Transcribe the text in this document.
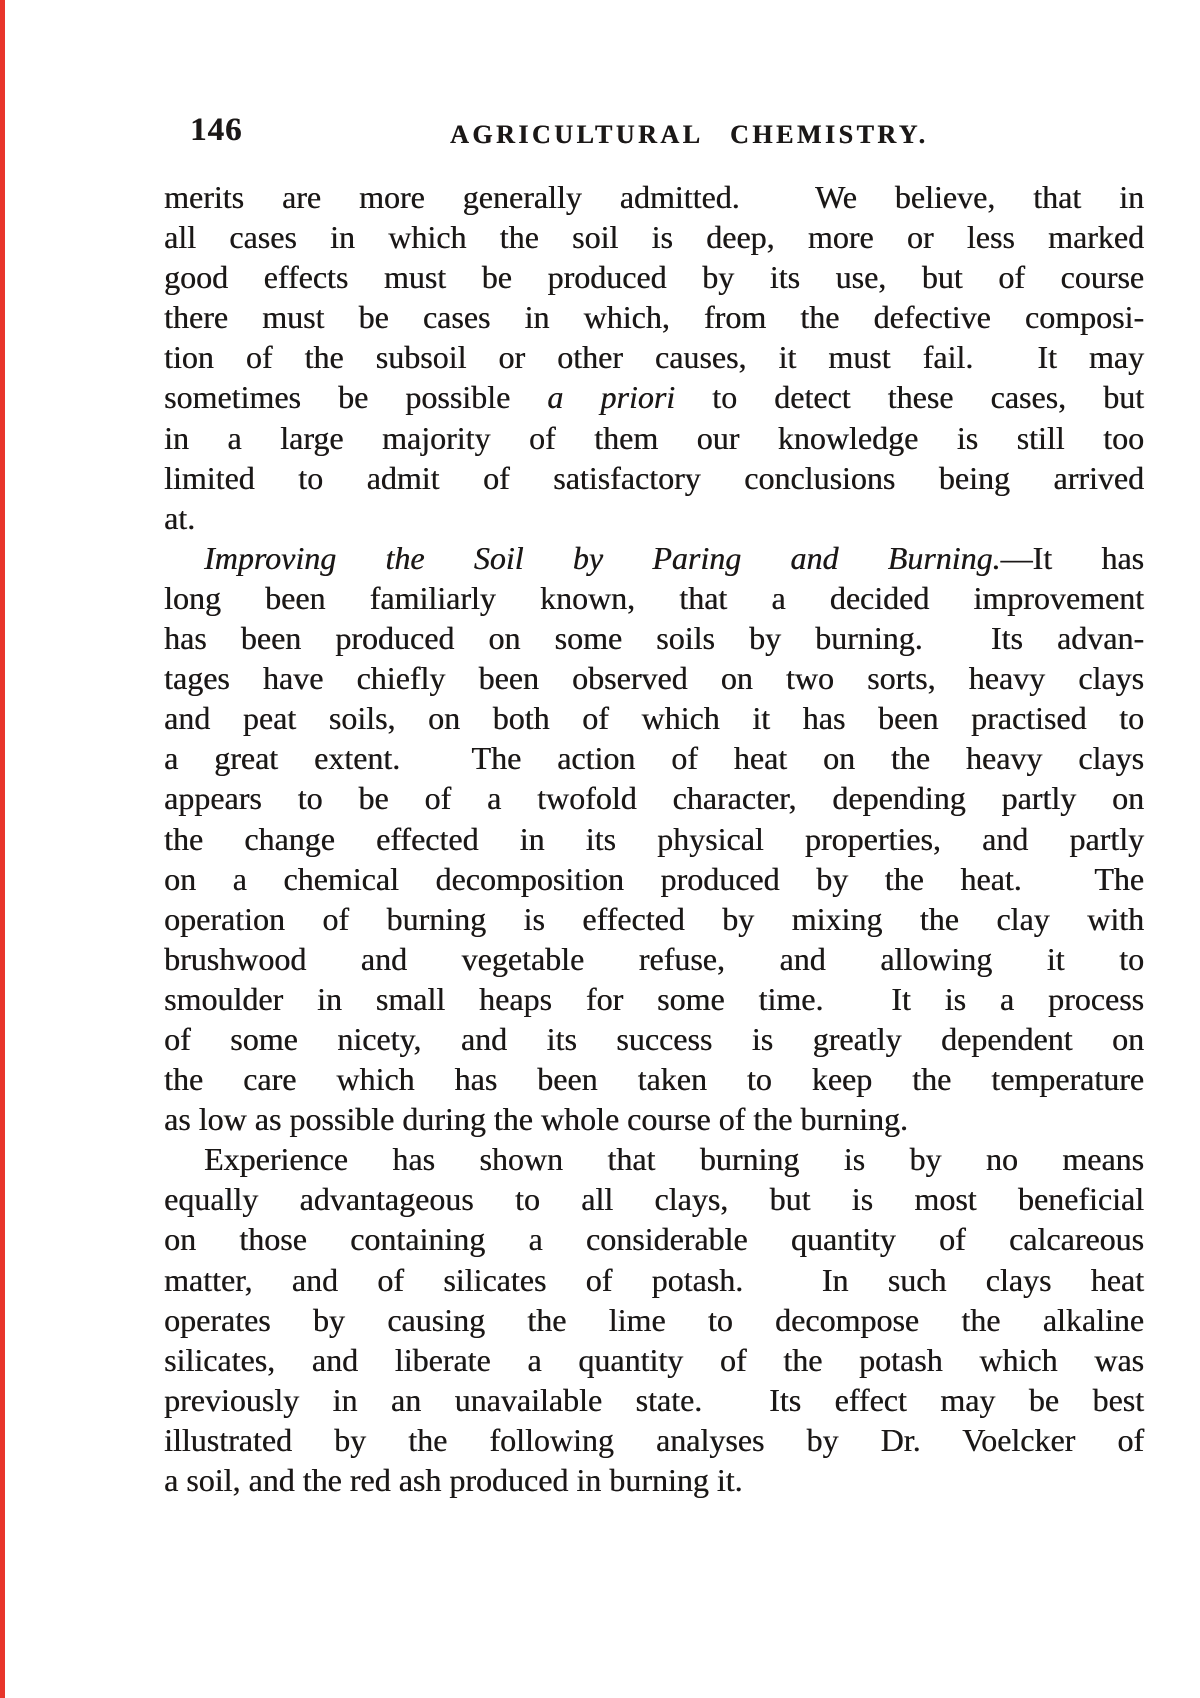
146	AGRICULTURAL CHEMISTRY.
merits are more generally admitted.  We believe, that in
all cases in which the soil is deep, more or less marked
good effects must be produced by its use, but of course
there must be cases in which, from the defective composi-
tion of the subsoil or other causes, it must fail.  It may
sometimes be possible a priori to detect these cases, but
in a large majority of them our knowledge is still too
limited to admit of satisfactory conclusions being arrived
at.
Improving the Soil by Paring and Burning.—It has
long been familiarly known, that a decided improvement
has been produced on some soils by burning.  Its advan-
tages have chiefly been observed on two sorts, heavy clays
and peat soils, on both of which it has been practised to
a great extent.  The action of heat on the heavy clays
appears to be of a twofold character, depending partly on
the change effected in its physical properties, and partly
on a chemical decomposition produced by the heat.  The
operation of burning is effected by mixing the clay with
brushwood and vegetable refuse, and allowing it to
smoulder in small heaps for some time.  It is a process
of some nicety, and its success is greatly dependent on
the care which has been taken to keep the temperature
as low as possible during the whole course of the burning.
Experience has shown that burning is by no means
equally advantageous to all clays, but is most beneficial
on those containing a considerable quantity of calcareous
matter, and of silicates of potash.  In such clays heat
operates by causing the lime to decompose the alkaline
silicates, and liberate a quantity of the potash which was
previously in an unavailable state.  Its effect may be best
illustrated by the following analyses by Dr. Voelcker of
a soil, and the red ash produced in burning it.
